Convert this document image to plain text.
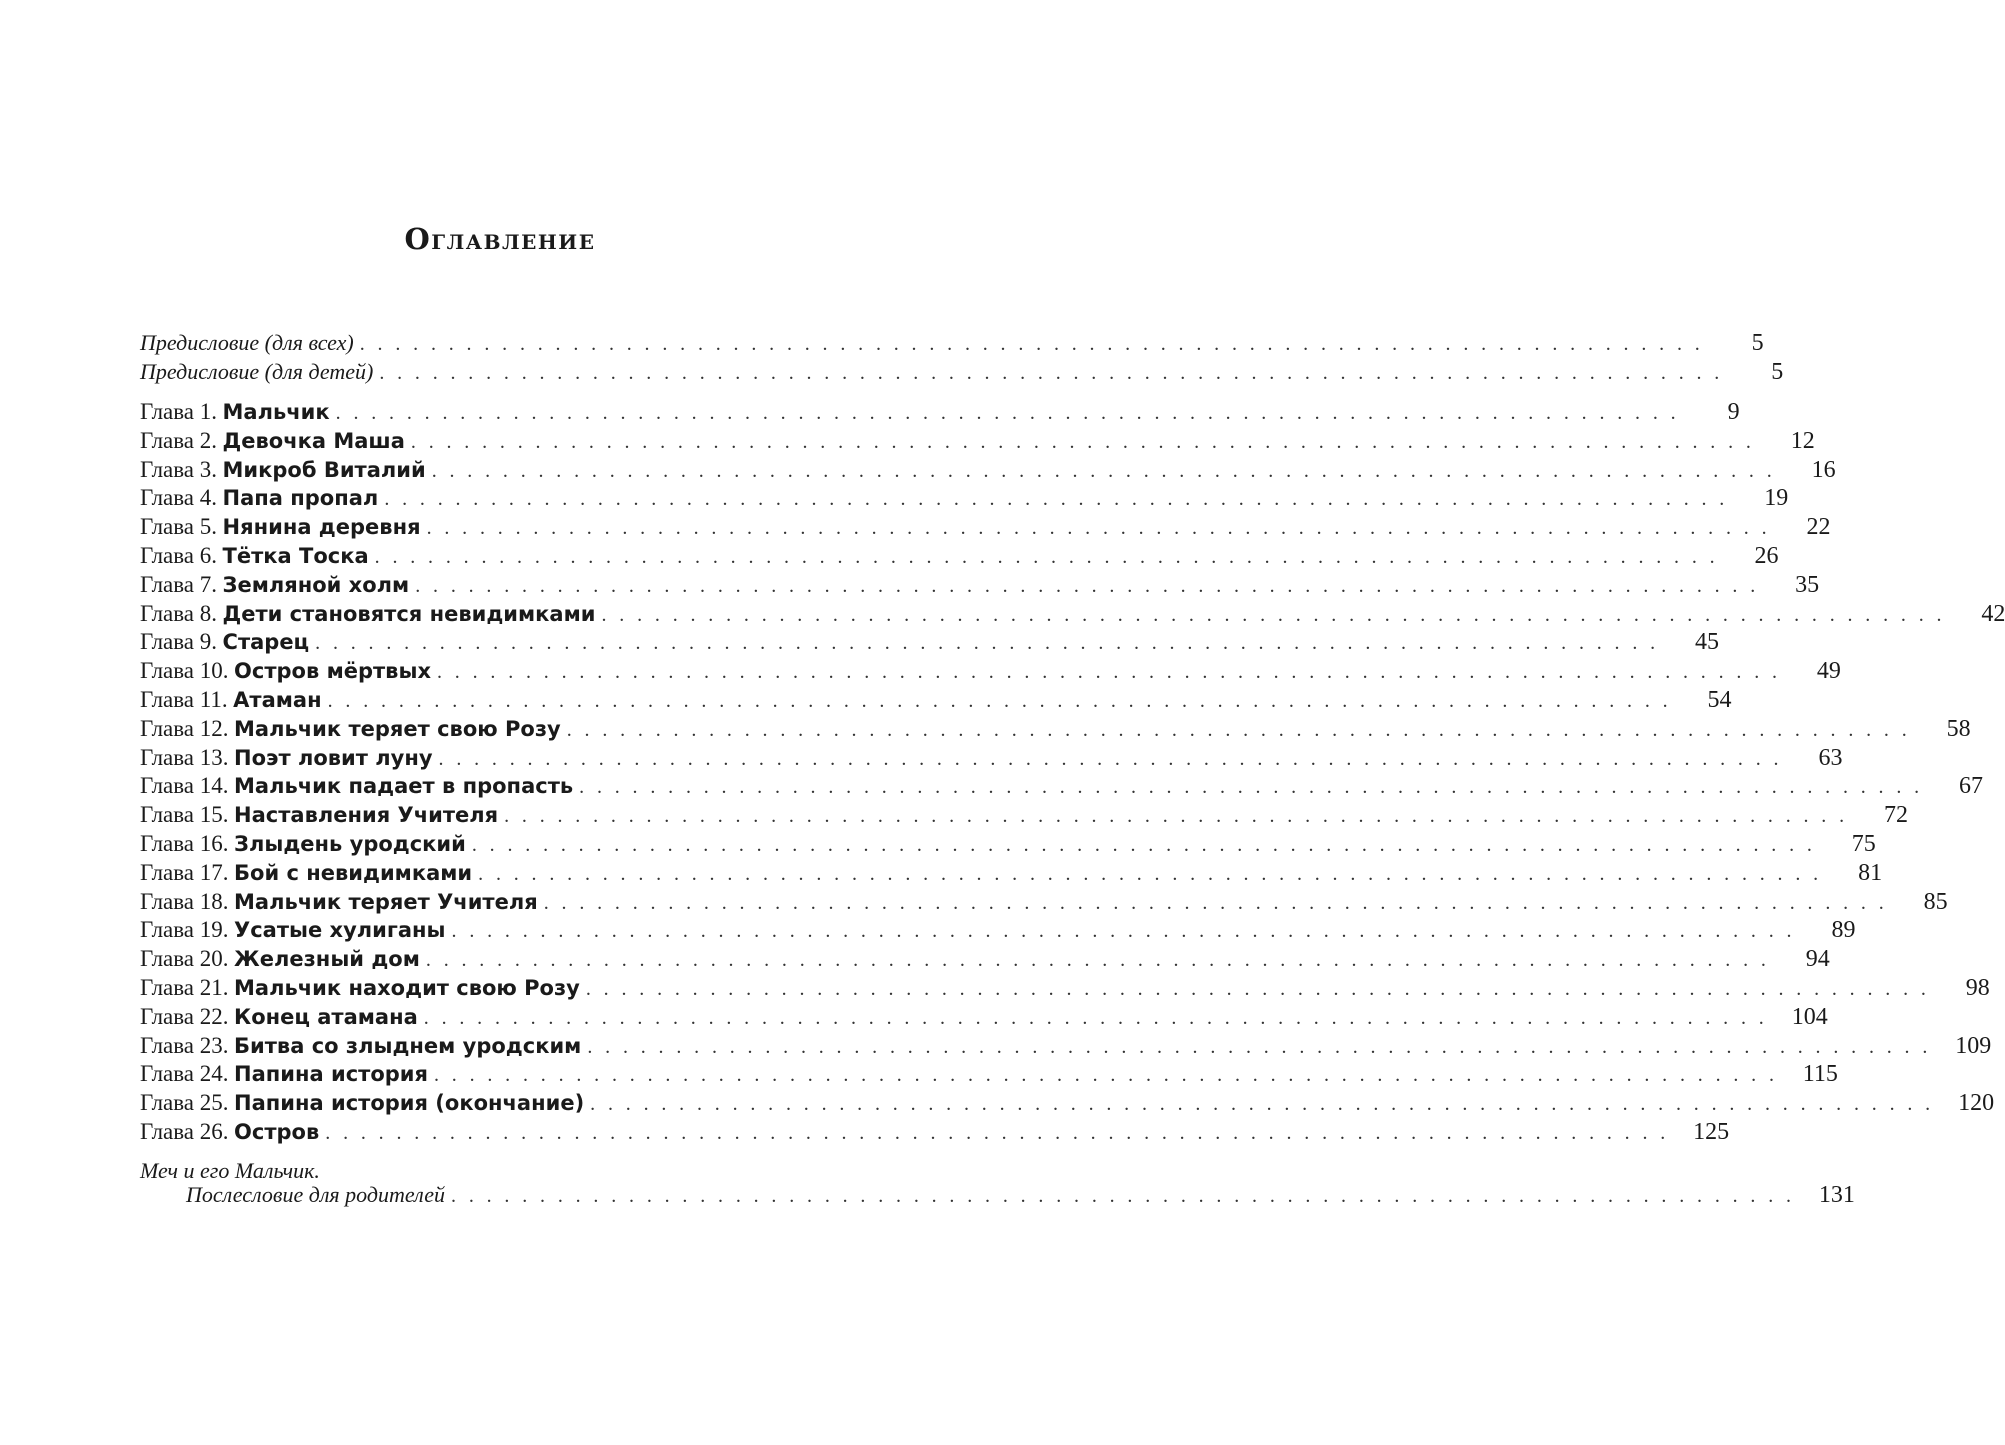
Оглавление
Предисловие (для всех) . . . . . . . . . . . . . . . . . . . . . . . . . . . . . . . . . . . . . . . . . . . . . . . . . . . . . . . . . . . . . . . . . . . . . . . . . . . .	5
Предисловие (для детей) . . . . . . . . . . . . . . . . . . . . . . . . . . . . . . . . . . . . . . . . . . . . . . . . . . . . . . . . . . . . . . . . . . . . . . . . . . . .	5
Глава 1. Мальчик . . . . . . . . . . . . . . . . . . . . . . . . . . . . . . . . . . . . . . . . . . . . . . . . . . . . . . . . . . . . . . . . . . . . . . . . . . . .	9
Глава 2. Девочка Маша . . . . . . . . . . . . . . . . . . . . . . . . . . . . . . . . . . . . . . . . . . . . . . . . . . . . . . . . . . . . . . . . . . . . . . . . . . . .	12
Глава 3. Микроб Виталий . . . . . . . . . . . . . . . . . . . . . . . . . . . . . . . . . . . . . . . . . . . . . . . . . . . . . . . . . . . . . . . . . . . . . . . . . . . .	16
Глава 4. Папа пропал . . . . . . . . . . . . . . . . . . . . . . . . . . . . . . . . . . . . . . . . . . . . . . . . . . . . . . . . . . . . . . . . . . . . . . . . . . . .	19
Глава 5. Нянина деревня . . . . . . . . . . . . . . . . . . . . . . . . . . . . . . . . . . . . . . . . . . . . . . . . . . . . . . . . . . . . . . . . . . . . . . . . . . . .	22
Глава 6. Тётка Тоска . . . . . . . . . . . . . . . . . . . . . . . . . . . . . . . . . . . . . . . . . . . . . . . . . . . . . . . . . . . . . . . . . . . . . . . . . . . .	26
Глава 7. Земляной холм . . . . . . . . . . . . . . . . . . . . . . . . . . . . . . . . . . . . . . . . . . . . . . . . . . . . . . . . . . . . . . . . . . . . . . . . . . . .	35
Глава 8. Дети становятся невидимками . . . . . . . . . . . . . . . . . . . . . . . . . . . . . . . . . . . . . . . . . . . . . . . . . . . . . . . . . . . . . . . . . . . . . . . . . . . .	42
Глава 9. Старец . . . . . . . . . . . . . . . . . . . . . . . . . . . . . . . . . . . . . . . . . . . . . . . . . . . . . . . . . . . . . . . . . . . . . . . . . . . .	45
Глава 10. Остров мёртвых . . . . . . . . . . . . . . . . . . . . . . . . . . . . . . . . . . . . . . . . . . . . . . . . . . . . . . . . . . . . . . . . . . . . . . . . . . . .	49
Глава 11. Атаман . . . . . . . . . . . . . . . . . . . . . . . . . . . . . . . . . . . . . . . . . . . . . . . . . . . . . . . . . . . . . . . . . . . . . . . . . . . .	54
Глава 12. Мальчик теряет свою Розу . . . . . . . . . . . . . . . . . . . . . . . . . . . . . . . . . . . . . . . . . . . . . . . . . . . . . . . . . . . . . . . . . . . . . . . . . . . .	58
Глава 13. Поэт ловит луну . . . . . . . . . . . . . . . . . . . . . . . . . . . . . . . . . . . . . . . . . . . . . . . . . . . . . . . . . . . . . . . . . . . . . . . . . . . .	63
Глава 14. Мальчик падает в пропасть . . . . . . . . . . . . . . . . . . . . . . . . . . . . . . . . . . . . . . . . . . . . . . . . . . . . . . . . . . . . . . . . . . . . . . . . . . . .	67
Глава 15. Наставления Учителя . . . . . . . . . . . . . . . . . . . . . . . . . . . . . . . . . . . . . . . . . . . . . . . . . . . . . . . . . . . . . . . . . . . . . . . . . . . .	72
Глава 16. Злыдень уродский . . . . . . . . . . . . . . . . . . . . . . . . . . . . . . . . . . . . . . . . . . . . . . . . . . . . . . . . . . . . . . . . . . . . . . . . . . . .	75
Глава 17. Бой с невидимками . . . . . . . . . . . . . . . . . . . . . . . . . . . . . . . . . . . . . . . . . . . . . . . . . . . . . . . . . . . . . . . . . . . . . . . . . . . .	81
Глава 18. Мальчик теряет Учителя . . . . . . . . . . . . . . . . . . . . . . . . . . . . . . . . . . . . . . . . . . . . . . . . . . . . . . . . . . . . . . . . . . . . . . . . . . . .	85
Глава 19. Усатые хулиганы . . . . . . . . . . . . . . . . . . . . . . . . . . . . . . . . . . . . . . . . . . . . . . . . . . . . . . . . . . . . . . . . . . . . . . . . . . . .	89
Глава 20. Железный дом . . . . . . . . . . . . . . . . . . . . . . . . . . . . . . . . . . . . . . . . . . . . . . . . . . . . . . . . . . . . . . . . . . . . . . . . . . . .	94
Глава 21. Мальчик находит свою Розу . . . . . . . . . . . . . . . . . . . . . . . . . . . . . . . . . . . . . . . . . . . . . . . . . . . . . . . . . . . . . . . . . . . . . . . . . . . .	98
Глава 22. Конец атамана . . . . . . . . . . . . . . . . . . . . . . . . . . . . . . . . . . . . . . . . . . . . . . . . . . . . . . . . . . . . . . . . . . . . . . . . . . . .	104
Глава 23. Битва со злыднем уродским . . . . . . . . . . . . . . . . . . . . . . . . . . . . . . . . . . . . . . . . . . . . . . . . . . . . . . . . . . . . . . . . . . . . . . . . . . . .	109
Глава 24. Папина история . . . . . . . . . . . . . . . . . . . . . . . . . . . . . . . . . . . . . . . . . . . . . . . . . . . . . . . . . . . . . . . . . . . . . . . . . . . .	115
Глава 25. Папина история (окончание) . . . . . . . . . . . . . . . . . . . . . . . . . . . . . . . . . . . . . . . . . . . . . . . . . . . . . . . . . . . . . . . . . . . . . . . . . . . .	120
Глава 26. Остров . . . . . . . . . . . . . . . . . . . . . . . . . . . . . . . . . . . . . . . . . . . . . . . . . . . . . . . . . . . . . . . . . . . . . . . . . . . .	125
Послесловие для родителей . . . . . . . . . . . . . . . . . . . . . . . . . . . . . . . . . . . . . . . . . . . . . . . . . . . . . . . . . . . . . . . . . . . . . . . . . . . .	131
Меч и его Мальчик.
